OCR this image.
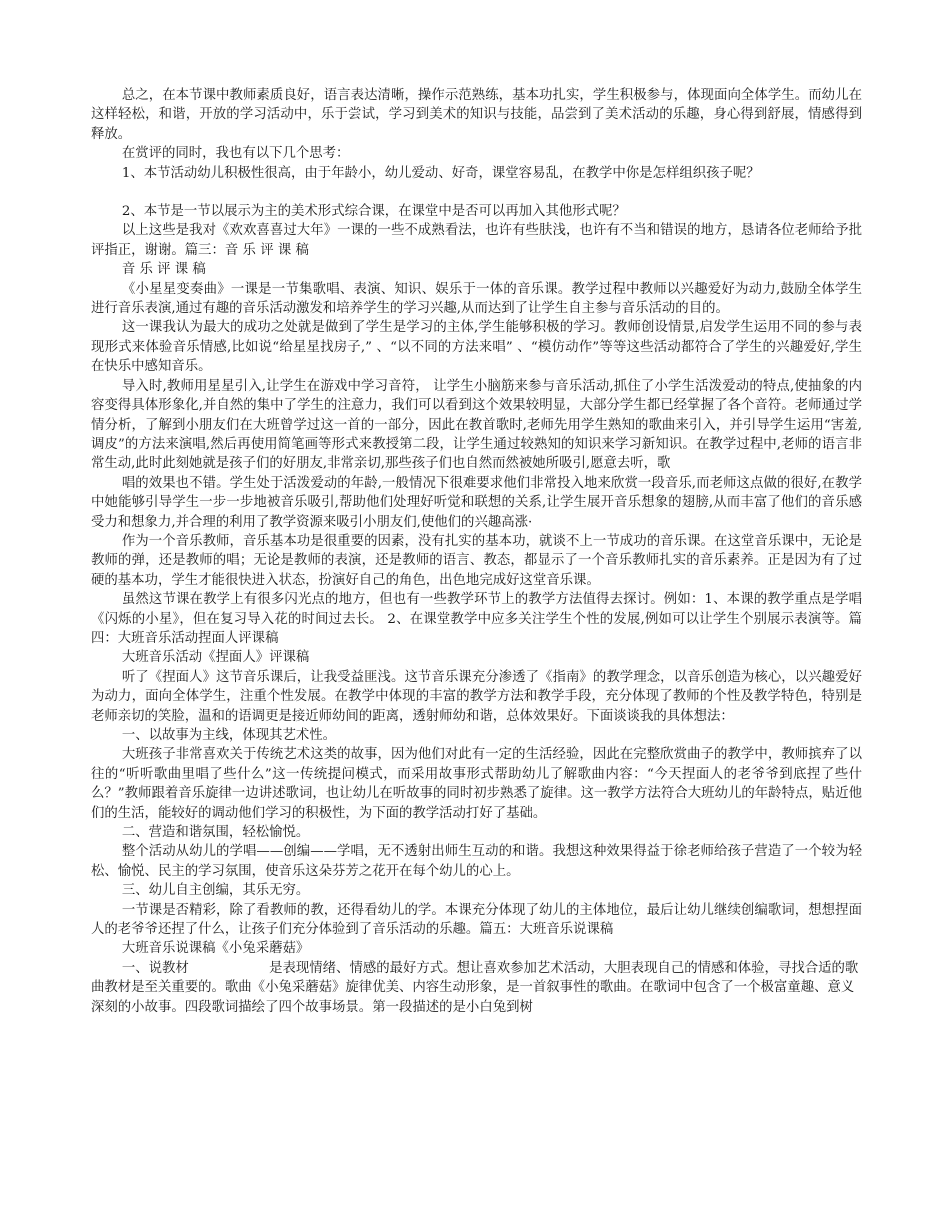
总之，在本节课中教师素质良好，语言表达清晰，操作示范熟练，基本功扎实，学生积极参与，体现面向全体学生。而幼儿在这样轻松，和谐，开放的学习活动中，乐于尝试，学习到美术的知识与技能，品尝到了美术活动的乐趣，身心得到舒展，情感得到释放。

在赏评的同时，我也有以下几个思考：

1、本节活动幼儿积极性很高，由于年龄小，幼儿爱动、好奇，课堂容易乱，在教学中你是怎样组织孩子呢？

2、本节是一节以展示为主的美术形式综合课，在课堂中是否可以再加入其他形式呢？

以上这些是我对《欢欢喜喜过大年》一课的一些不成熟看法，也许有些肤浅，也许有不当和错误的地方，恳请各位老师给予批评指正，谢谢。篇三：音 乐 评 课 稿

音 乐 评 课 稿

《小星星变奏曲》一课是一节集歌唱、表演、知识、娱乐于一体的音乐课。教学过程中教师以兴趣爱好为动力,鼓励全体学生进行音乐表演,通过有趣的音乐活动激发和培养学生的学习兴趣,从而达到了让学生自主参与音乐活动的目的。

这一课我认为最大的成功之处就是做到了学生是学习的主体,学生能够积极的学习。教师创设情景,启发学生运用不同的参与表现形式来体验音乐情感,比如说“给星星找房子,” 、“以不同的方法来唱” 、“模仿动作”等等这些活动都符合了学生的兴趣爱好,学生在快乐中感知音乐。

导入时,教师用星星引入,让学生在游戏中学习音符， 让学生小脑筋来参与音乐活动,抓住了小学生活泼爱动的特点,使抽象的内容变得具体形象化,并自然的集中了学生的注意力，我们可以看到这个效果较明显，大部分学生都已经掌握了各个音符。老师通过学情分析，了解到小朋友们在大班曾学过这一首的一部分，因此在教首歌时,老师先用学生熟知的歌曲来引入，并引导学生运用“害羞,调皮”的方法来演唱,然后再使用简笔画等形式来教授第二段，让学生通过较熟知的知识来学习新知识。在教学过程中,老师的语言非常生动,此时此刻她就是孩子们的好朋友,非常亲切,那些孩子们也自然而然被她所吸引,愿意去听，歌

唱的效果也不错。学生处于活泼爱动的年龄,一般情况下很难要求他们非常投入地来欣赏一段音乐,而老师这点做的很好,在教学中她能够引导学生一步一步地被音乐吸引,帮助他们处理好听觉和联想的关系,让学生展开音乐想象的翅膀,从而丰富了他们的音乐感受力和想象力,并合理的利用了教学资源来吸引小朋友们,使他们的兴趣高涨·

作为一个音乐教师，音乐基本功是很重要的因素，没有扎实的基本功，就谈不上一节成功的音乐课。在这堂音乐课中，无论是教师的弹，还是教师的唱；无论是教师的表演，还是教师的语言、教态，都显示了一个音乐教师扎实的音乐素养。正是因为有了过硬的基本功，学生才能很快进入状态，扮演好自己的角色，出色地完成好这堂音乐课。

虽然这节课在教学上有很多闪光点的地方，但也有一些教学环节上的教学方法值得去探讨。例如：1、本课的教学重点是学唱《闪烁的小星》，但在复习导入花的时间过去长。 2、在课堂教学中应多关注学生个性的发展,例如可以让学生个别展示表演等。篇四：大班音乐活动捏面人评课稿

大班音乐活动《捏面人》评课稿

听了《捏面人》这节音乐课后，让我受益匪浅。这节音乐课充分渗透了《指南》的教学理念，以音乐创造为核心，以兴趣爱好为动力，面向全体学生，注重个性发展。在教学中体现的丰富的教学方法和教学手段，充分体现了教师的个性及教学特色，特别是老师亲切的笑脸，温和的语调更是接近师幼间的距离，透射师幼和谐，总体效果好。下面谈谈我的具体想法：

一、以故事为主线，体现其艺术性。

大班孩子非常喜欢关于传统艺术这类的故事，因为他们对此有一定的生活经验，因此在完整欣赏曲子的教学中，教师摈弃了以往的“听听歌曲里唱了些什么”这一传统提问模式，而采用故事形式帮助幼儿了解歌曲内容：“今天捏面人的老爷爷到底捏了些什么？”教师跟着音乐旋律一边讲述歌词，也让幼儿在听故事的同时初步熟悉了旋律。这一教学方法符合大班幼儿的年龄特点，贴近他们的生活，能较好的调动他们学习的积极性，为下面的教学活动打好了基础。

二、营造和谐氛围，轻松愉悦。

整个活动从幼儿的学唱——创编——学唱，无不透射出师生互动的和谐。我想这种效果得益于徐老师给孩子营造了一个较为轻松、愉悦、民主的学习氛围，使音乐这朵芬芳之花开在每个幼儿的心上。

三、幼儿自主创编，其乐无穷。

一节课是否精彩，除了看教师的教，还得看幼儿的学。本课充分体现了幼儿的主体地位，最后让幼儿继续创编歌词，想想捏面人的老爷爷还捏了什么，让孩子们充分体验到了音乐活动的乐趣。篇五：大班音乐说课稿

大班音乐说课稿《小兔采蘑菇》

一、说教材　　　　　　是表现情绪、情感的最好方式。想让喜欢参加艺术活动，大胆表现自己的情感和体验，寻找合适的歌曲教材是至关重要的。歌曲《小兔采蘑菇》旋律优美、内容生动形象，是一首叙事性的歌曲。在歌词中包含了一个极富童趣、意义深刻的小故事。四段歌词描绘了四个故事场景。第一段描述的是小白兔到树
